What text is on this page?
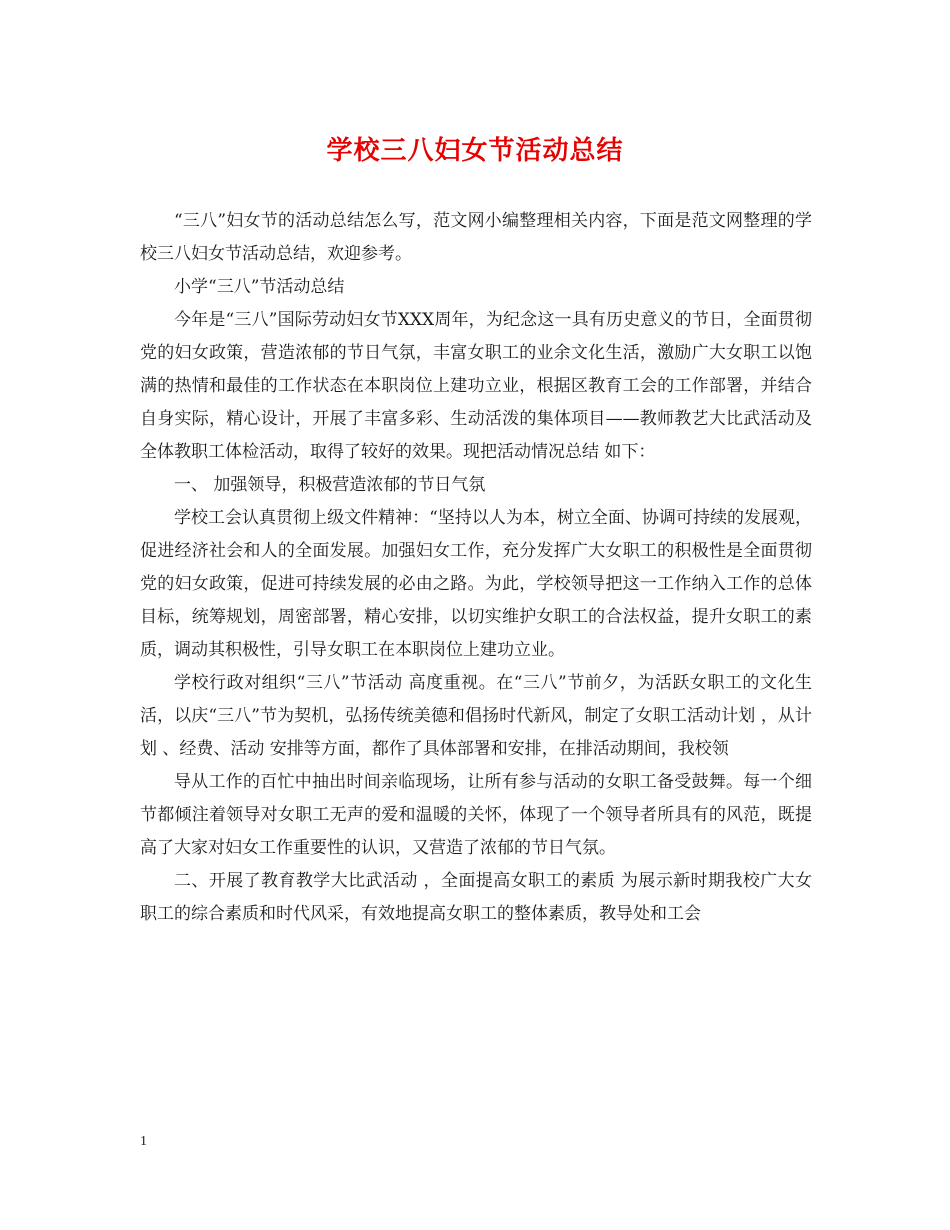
学校三八妇女节活动总结

“三八”妇女节的活动总结怎么写，范文网小编整理相关内容，下面是范文网整理的学校三八妇女节活动总结，欢迎参考。

小学“三八”节活动总结

今年是“三八”国际劳动妇女节XXX周年，为纪念这一具有历史意义的节日，全面贯彻党的妇女政策，营造浓郁的节日气氛，丰富女职工的业余文化生活，激励广大女职工以饱满的热情和最佳的工作状态在本职岗位上建功立业，根据区教育工会的工作部署，并结合自身实际，精心设计，开展了丰富多彩、生动活泼的集体项目——教师教艺大比武活动及全体教职工体检活动，取得了较好的效果。现把活动情况总结 如下：

一、 加强领导，积极营造浓郁的节日气氛

学校工会认真贯彻上级文件精神：“坚持以人为本，树立全面、协调可持续的发展观，促进经济社会和人的全面发展。加强妇女工作，充分发挥广大女职工的积极性是全面贯彻党的妇女政策，促进可持续发展的必由之路。为此，学校领导把这一工作纳入工作的总体目标，统筹规划，周密部署，精心安排，以切实维护女职工的合法权益，提升女职工的素质，调动其积极性，引导女职工在本职岗位上建功立业。

学校行政对组织“三八”节活动 高度重视。在“三八”节前夕，为活跃女职工的文化生活，以庆“三八”节为契机，弘扬传统美德和倡扬时代新风，制定了女职工活动计划 ，从计划 、经费、活动 安排等方面，都作了具体部署和安排，在排活动期间，我校领

导从工作的百忙中抽出时间亲临现场，让所有参与活动的女职工备受鼓舞。每一个细节都倾注着领导对女职工无声的爱和温暖的关怀，体现了一个领导者所具有的风范，既提高了大家对妇女工作重要性的认识，又营造了浓郁的节日气氛。

二、开展了教育教学大比武活动 ，全面提高女职工的素质 为展示新时期我校广大女职工的综合素质和时代风采，有效地提高女职工的整体素质，教导处和工会

1
